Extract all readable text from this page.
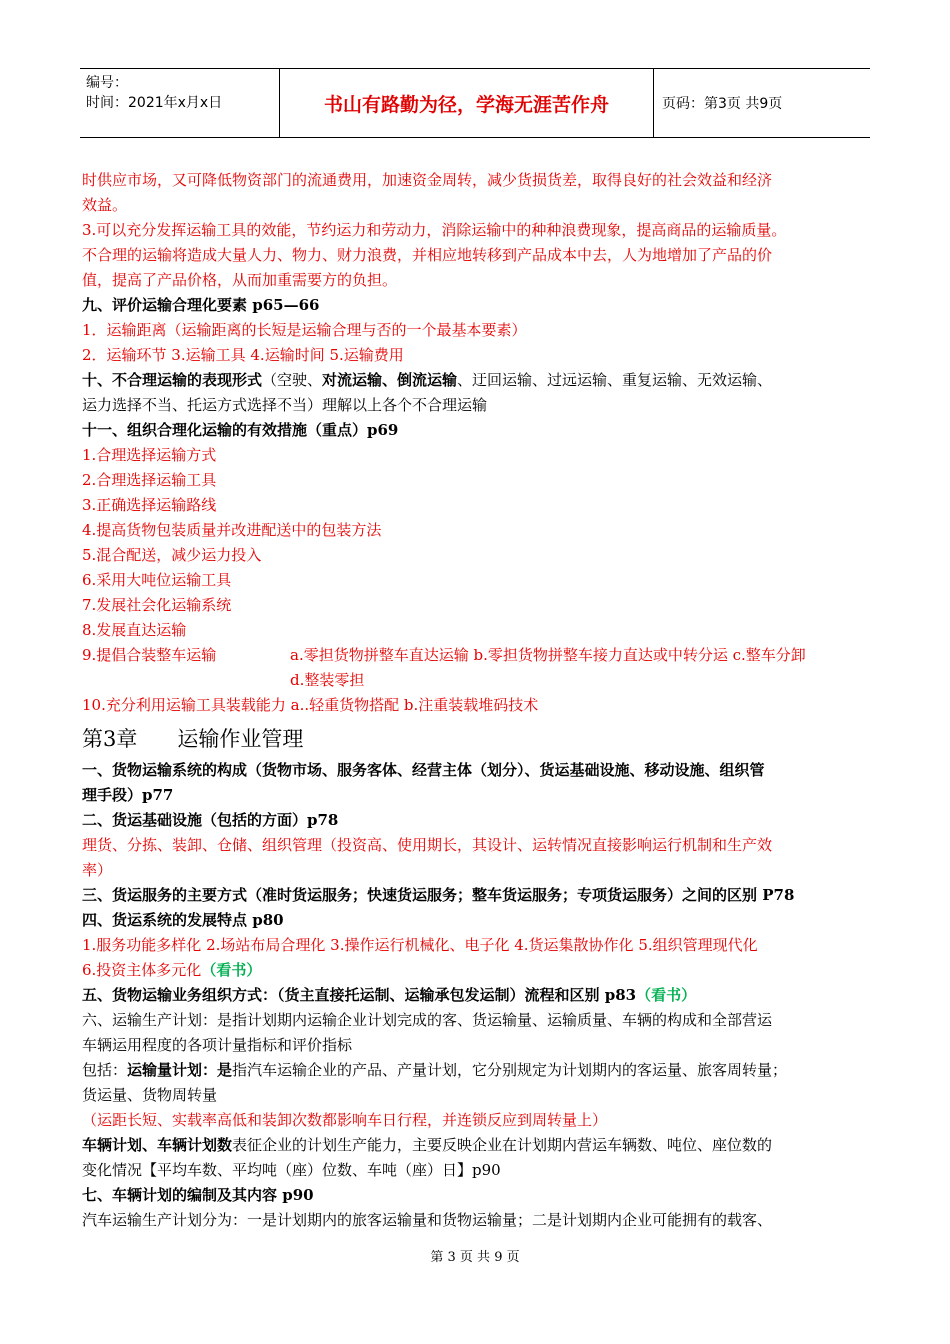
编号：
时间：2021年x月x日	书山有路勤为径，学海无涯苦作舟	页码：第3页 共9页
时供应市场，又可降低物资部门的流通费用，加速资金周转，减少货损货差，取得良好的社会效益和经济
效益。
3.可以充分发挥运输工具的效能，节约运力和劳动力，消除运输中的种种浪费现象，提高商品的运输质量。
不合理的运输将造成大量人力、物力、财力浪费，并相应地转移到产品成本中去，人为地增加了产品的价
值，提高了产品价格，从而加重需要方的负担。
九、评价运输合理化要素 p65—66
1．运输距离（运输距离的长短是运输合理与否的一个最基本要素）
2．运输环节 3.运输工具 4.运输时间 5.运输费用
十、不合理运输的表现形式（空驶、对流运输、倒流运输、迂回运输、过远运输、重复运输、无效运输、
运力选择不当、托运方式选择不当）理解以上各个不合理运输
十一、组织合理化运输的有效措施（重点）p69
1.合理选择运输方式
2.合理选择运输工具
3.正确选择运输路线
4.提高货物包装质量并改进配送中的包装方法
5.混合配送，减少运力投入
6.采用大吨位运输工具
7.发展社会化运输系统
8.发展直达运输
9.提倡合装整车运输	a.零担货物拼整车直达运输 b.零担货物拼整车接力直达或中转分运 c.整车分卸
d.整装零担
10.充分利用运输工具装载能力 a..轻重货物搭配 b.注重装载堆码技术
第3章 运输作业管理
一、货物运输系统的构成（货物市场、服务客体、经营主体（划分）、货运基础设施、移动设施、组织管
理手段）p77
二、货运基础设施（包括的方面）p78
理货、分拣、装卸、仓储、组织管理（投资高、使用期长，其设计、运转情况直接影响运行机制和生产效
率）
三、货运服务的主要方式（准时货运服务；快速货运服务；整车货运服务；专项货运服务）之间的区别 P78
四、货运系统的发展特点 p80
1.服务功能多样化 2.场站布局合理化 3.操作运行机械化、电子化 4.货运集散协作化 5.组织管理现代化
6.投资主体多元化（看书）
五、货物运输业务组织方式：（货主直接托运制、运输承包发运制）流程和区别 p83（看书）
六、运输生产计划：是指计划期内运输企业计划完成的客、货运输量、运输质量、车辆的构成和全部营运
车辆运用程度的各项计量指标和评价指标
包括：运输量计划：是指汽车运输企业的产品、产量计划，它分别规定为计划期内的客运量、旅客周转量；
货运量、货物周转量
（运距长短、实载率高低和装卸次数都影响车日行程，并连锁反应到周转量上）
车辆计划、车辆计划数表征企业的计划生产能力，主要反映企业在计划期内营运车辆数、吨位、座位数的
变化情况【平均车数、平均吨（座）位数、车吨（座）日】p90
七、车辆计划的编制及其内容 p90
汽车运输生产计划分为：一是计划期内的旅客运输量和货物运输量；二是计划期内企业可能拥有的载客、
第 3 页 共 9 页
